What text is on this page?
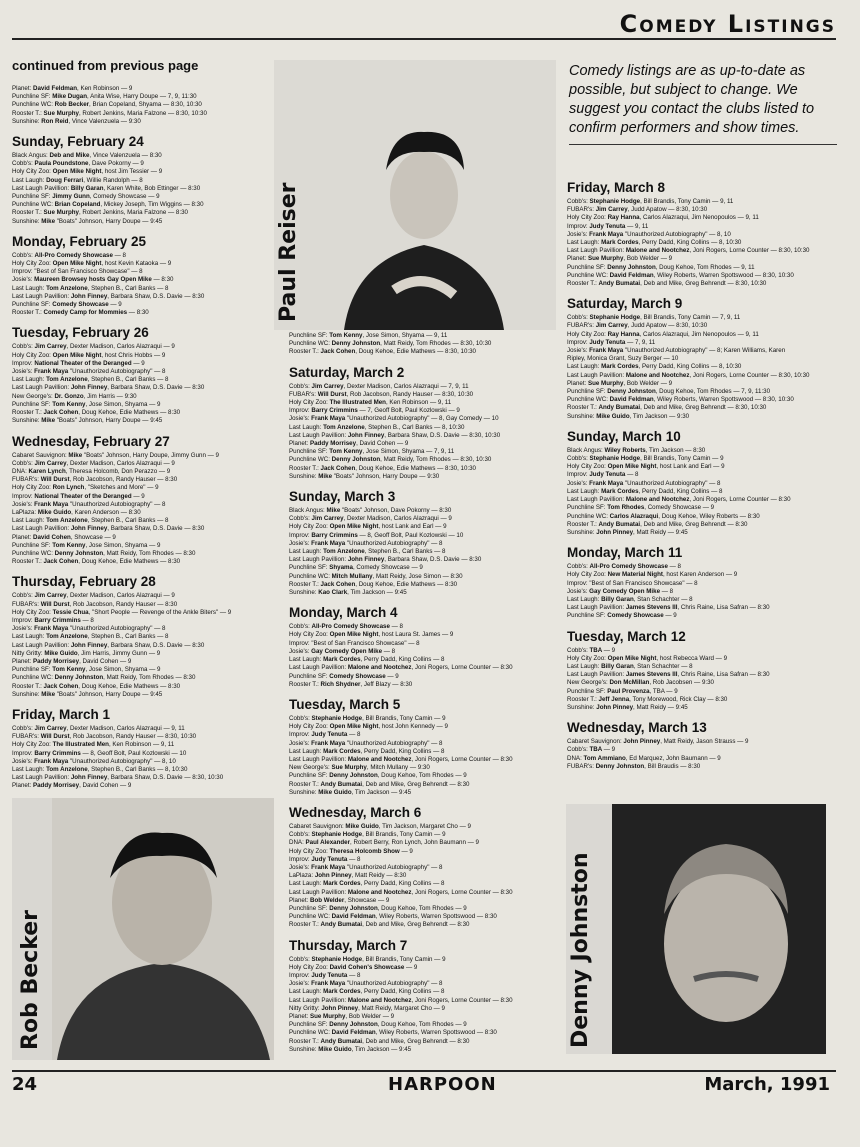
Comedy Listings
Comedy listings are as up-to-date as possible, but subject to change. We suggest you contact the clubs listed to confirm performers and show times.
Paul Reiser
Rob Becker	Denny Johnston
continued from previous page
Planet: David Feldman, Ken Robinson — 9
Punchline SF: Mike Dugan, Anita Wise, Harry Doupe — 7, 9, 11:30
Punchline WC: Rob Becker, Brian Copeland, Shyama — 8:30, 10:30
Rooster T.: Sue Murphy, Robert Jenkins, Maria Falzone — 8:30, 10:30
Sunshine: Ron Reid, Vince Valenzuela — 9:30
Sunday, February 24
Black Angus: Deb and Mike, Vince Valenzuela — 8:30
Cobb's: Paula Poundstone, Dave Pokorny — 9
Holy City Zoo: Open Mike Night, host Jim Tessier — 9
Last Laugh: Doug Ferrari, Willie Randolph — 8
Last Laugh Pavillion: Billy Garan, Karen White, Bob Ettinger — 8:30
Punchline SF: Jimmy Gunn, Comedy Showcase — 9
Punchline WC: Brian Copeland, Mickey Joseph, Tim Wiggins — 8:30
Rooster T.: Sue Murphy, Robert Jenkins, Maria Falzone — 8:30
Sunshine: Mike "Boats" Johnson, Harry Doupe — 9:45
Monday, February 25
Cobb's: All-Pro Comedy Showcase — 8
Holy City Zoo: Open Mike Night, host Kevin Kataoka — 9
Improv: "Best of San Francisco Showcase" — 8
Josie's: Maureen Browsey hosts Gay Open Mike — 8:30
Last Laugh: Tom Anzelone, Stephen B., Carl Banks — 8
Last Laugh Pavillion: John Finney, Barbara Shaw, D.S. Davie — 8:30
Punchline SF: Comedy Showcase — 9
Rooster T.: Comedy Camp for Mommies — 8:30
Tuesday, February 26
Cobb's: Jim Carrey, Dexter Madison, Carlos Alazraqui — 9
Holy City Zoo: Open Mike Night, host Chris Hobbs — 9
Improv: National Theater of the Deranged — 9
Josie's: Frank Maya "Unauthorized Autobiography" — 8
Last Laugh: Tom Anzelone, Stephen B., Carl Banks — 8
Last Laugh Pavillion: John Finney, Barbara Shaw, D.S. Davie — 8:30
New George's: Dr. Gonzo, Jim Harris — 9:30
Punchline SF: Tom Kenny, Jose Simon, Shyama — 9
Rooster T.: Jack Cohen, Doug Kehoe, Edie Mathews — 8:30
Sunshine: Mike "Boats" Johnson, Harry Doupe — 9:45
Wednesday, February 27
Cabaret Sauvignon: Mike "Boats" Johnson, Harry Doupe, Jimmy Gunn — 9
Cobb's: Jim Carrey, Dexter Madison, Carlos Alazraqui — 9
DNA: Karen Lynch, Theresa Holcomb, Don Perazzo — 9
FUBAR's: Will Durst, Rob Jacobson, Randy Hauser — 8:30
Holy City Zoo: Ron Lynch, "Sketches and More" — 9
Improv: National Theater of the Deranged — 9
Josie's: Frank Maya "Unauthorized Autobiography" — 8
LaPlaza: Mike Guido, Karen Anderson — 8:30
Last Laugh: Tom Anzelone, Stephen B., Carl Banks — 8
Last Laugh Pavillion: John Finney, Barbara Shaw, D.S. Davie — 8:30
Planet: David Cohen, Showcase — 9
Punchline SF: Tom Kenny, Jose Simon, Shyama — 9
Punchline WC: Denny Johnston, Matt Reidy, Tom Rhodes — 8:30
Rooster T.: Jack Cohen, Doug Kehoe, Edie Mathews — 8:30
Thursday, February 28
Cobb's: Jim Carrey, Dexter Madison, Carlos Alazraqui — 9
FUBAR's: Will Durst, Rob Jacobson, Randy Hauser — 8:30
Holy City Zoo: Tessie Chua, "Short People — Revenge of the Ankle Biters" — 9
Improv: Barry Crimmins — 8
Josie's: Frank Maya "Unauthorized Autobiography" — 8
Last Laugh: Tom Anzelone, Stephen B., Carl Banks — 8
Last Laugh Pavillion: John Finney, Barbara Shaw, D.S. Davie — 8:30
Nitty Gritty: Mike Guido, Jim Harris, Jimmy Gunn — 9
Planet: Paddy Morrisey, David Cohen — 9
Punchline SF: Tom Kenny, Jose Simon, Shyama — 9
Punchline WC: Denny Johnston, Matt Reidy, Tom Rhodes — 8:30
Rooster T.: Jack Cohen, Doug Kehoe, Edie Mathews — 8:30
Sunshine: Mike "Boats" Johnson, Harry Doupe — 9:45
Friday, March 1
Cobb's: Jim Carrey, Dexter Madison, Carlos Alazraqui — 9, 11
FUBAR's: Will Durst, Rob Jacobson, Randy Hauser — 8:30, 10:30
Holy City Zoo: The Illustrated Men, Ken Robinson — 9, 11
Improv: Barry Crimmins — 8, Geoff Bolt, Paul Kozlowski — 10
Josie's: Frank Maya "Unauthorized Autobiography" — 8, 10
Last Laugh: Tom Anzelone, Stephen B., Carl Banks — 8, 10:30
Last Laugh Pavillion: John Finney, Barbara Shaw, D.S. Davie — 8:30, 10:30
Planet: Paddy Morrisey, David Cohen — 9
Punchline SF: Tom Kenny, Jose Simon, Shyama — 9, 11
Punchline WC: Denny Johnston, Matt Reidy, Tom Rhodes — 8:30, 10:30
Rooster T.: Jack Cohen, Doug Kehoe, Edie Mathews — 8:30, 10:30
Saturday, March 2
Cobb's: Jim Carrey, Dexter Madison, Carlos Alazraqui — 7, 9, 11
FUBAR's: Will Durst, Rob Jacobson, Randy Hauser — 8:30, 10:30
Holy City Zoo: The Illustrated Men, Ken Robinson — 9, 11
Improv: Barry Crimmins — 7, Geoff Bolt, Paul Kozlowski — 9
Josie's: Frank Maya "Unauthorized Autobiography" — 8, Gay Comedy — 10
Last Laugh: Tom Anzelone, Stephen B., Carl Banks — 8, 10:30
Last Laugh Pavillion: John Finney, Barbara Shaw, D.S. Davie — 8:30, 10:30
Planet: Paddy Morrisey, David Cohen — 9
Punchline SF: Tom Kenny, Jose Simon, Shyama — 7, 9, 11
Punchline WC: Denny Johnston, Matt Reidy, Tom Rhodes — 8:30, 10:30
Rooster T.: Jack Cohen, Doug Kehoe, Edie Mathews — 8:30, 10:30
Sunshine: Mike "Boats" Johnson, Harry Doupe — 9:30
Sunday, March 3
Black Angus: Mike "Boats" Johnson, Dave Pokorny — 8:30
Cobb's: Jim Carrey, Dexter Madison, Carlos Alazraqui — 9
Holy City Zoo: Open Mike Night, host Lank and Earl — 9
Improv: Barry Crimmins — 8, Geoff Bolt, Paul Kozlowski — 10
Josie's: Frank Maya "Unauthorized Autobiography" — 8
Last Laugh: Tom Anzelone, Stephen B., Carl Banks — 8
Last Laugh Pavillion: John Finney, Barbara Shaw, D.S. Davie — 8:30
Punchline SF: Shyama, Comedy Showcase — 9
Punchline WC: Mitch Mullany, Matt Reidy, Jose Simon — 8:30
Rooster T.: Jack Cohen, Doug Kehoe, Edie Mathews — 8:30
Sunshine: Kao Clark, Tim Jackson — 9:45
Monday, March 4
Cobb's: All-Pro Comedy Showcase — 8
Holy City Zoo: Open Mike Night, host Laura St. James — 9
Improv: "Best of San Francisco Showcase" — 8
Josie's: Gay Comedy Open Mike — 8
Last Laugh: Mark Cordes, Perry Dadd, King Collins — 8
Last Laugh Pavillion: Malone and Nootchez, Joni Rogers, Lorne Counter — 8:30
Punchline SF: Comedy Showcase — 9
Rooster T.: Rich Shydner, Jeff Blazy — 8:30
Tuesday, March 5
Cobb's: Stephanie Hodge, Bill Brandis, Tony Camin — 9
Holy City Zoo: Open Mike Night, host John Kennedy — 9
Improv: Judy Tenuta — 8
Josie's: Frank Maya "Unauthorized Autobiography" — 8
Last Laugh: Mark Cordes, Perry Dadd, King Collins — 8
Last Laugh Pavillion: Malone and Nootchez, Joni Rogers, Lorne Counter — 8:30
New George's: Sue Murphy, Mitch Mullany — 9:30
Punchline SF: Denny Johnston, Doug Kehoe, Tom Rhodes — 9
Rooster T.: Andy Bumatai, Deb and Mike, Greg Behrendt — 8:30
Sunshine: Mike Guido, Tim Jackson — 9:45
Wednesday, March 6
Cabaret Sauvignon: Mike Guido, Tim Jackson, Margaret Cho — 9
Cobb's: Stephanie Hodge, Bill Brandis, Tony Camin — 9
DNA: Paul Alexander, Robert Berry, Ron Lynch, John Baumann — 9
Holy City Zoo: Theresa Holcomb Show — 9
Improv: Judy Tenuta — 8
Josie's: Frank Maya "Unauthorized Autobiography" — 8
LaPlaza: John Pinney, Matt Reidy — 8:30
Last Laugh: Mark Cordes, Perry Dadd, King Collins — 8
Last Laugh Pavillion: Malone and Nootchez, Joni Rogers, Lorne Counter — 8:30
Planet: Bob Welder, Showcase — 9
Punchline SF: Denny Johnston, Doug Kehoe, Tom Rhodes — 9
Punchline WC: David Feldman, Wiley Roberts, Warren Spottswood — 8:30
Rooster T.: Andy Bumatai, Deb and Mike, Greg Behrendt — 8:30
Thursday, March 7
Cobb's: Stephanie Hodge, Bill Brandis, Tony Camin — 9
Holy City Zoo: David Cohen's Showcase — 9
Improv: Judy Tenuta — 8
Josie's: Frank Maya "Unauthorized Autobiography" — 8
Last Laugh: Mark Cordes, Perry Dadd, King Collins — 8
Last Laugh Pavillion: Malone and Nootchez, Joni Rogers, Lorne Counter — 8:30
Nitty Gritty: John Pinney, Matt Reidy, Margaret Cho — 9
Planet: Sue Murphy, Bob Welder — 9
Punchline SF: Denny Johnston, Doug Kehoe, Tom Rhodes — 9
Punchline WC: David Feldman, Wiley Roberts, Warren Spottswood — 8:30
Rooster T.: Andy Bumatai, Deb and Mike, Greg Behrendt — 8:30
Sunshine: Mike Guido, Tim Jackson — 9:45
Friday, March 8
Cobb's: Stephanie Hodge, Bill Brandis, Tony Camin — 9, 11
FUBAR's: Jim Carrey, Judd Apatow — 8:30, 10:30
Holy City Zoo: Ray Hanna, Carlos Alazraqui, Jim Nenopoulos — 9, 11
Improv: Judy Tenuta — 9, 11
Josie's: Frank Maya "Unauthorized Autobiography" — 8, 10
Last Laugh: Mark Cordes, Perry Dadd, King Collins — 8, 10:30
Last Laugh Pavillion: Malone and Nootchez, Joni Rogers, Lorne Counter — 8:30, 10:30
Planet: Sue Murphy, Bob Welder — 9
Punchline SF: Denny Johnston, Doug Kehoe, Tom Rhodes — 9, 11
Punchline WC: David Feldman, Wiley Roberts, Warren Spottswood — 8:30, 10:30
Rooster T.: Andy Bumatai, Deb and Mike, Greg Behrendt — 8:30, 10:30
Saturday, March 9
Cobb's: Stephanie Hodge, Bill Brandis, Tony Camin — 7, 9, 11
FUBAR's: Jim Carrey, Judd Apatow — 8:30, 10:30
Holy City Zoo: Ray Hanna, Carlos Alazraqui, Jim Nenopoulos — 9, 11
Improv: Judy Tenuta — 7, 9, 11
Josie's: Frank Maya "Unauthorized Autobiography" — 8; Karen Williams, Karen
Ripley, Monica Grant, Suzy Berger — 10
Last Laugh: Mark Cordes, Perry Dadd, King Collins — 8, 10:30
Last Laugh Pavillion: Malone and Nootchez, Joni Rogers, Lorne Counter — 8:30, 10:30
Planet: Sue Murphy, Bob Welder — 9
Punchline SF: Denny Johnston, Doug Kehoe, Tom Rhodes — 7, 9, 11:30
Punchline WC: David Feldman, Wiley Roberts, Warren Spottswood — 8:30, 10:30
Rooster T.: Andy Bumatai, Deb and Mike, Greg Behrendt — 8:30, 10:30
Sunshine: Mike Guido, Tim Jackson — 9:30
Sunday, March 10
Black Angus: Wiley Roberts, Tim Jackson — 8:30
Cobb's: Stephanie Hodge, Bill Brandis, Tony Camin — 9
Holy City Zoo: Open Mike Night, host Lank and Earl — 9
Improv: Judy Tenuta — 8
Josie's: Frank Maya "Unauthorized Autobiography" — 8
Last Laugh: Mark Cordes, Perry Dadd, King Collins — 8
Last Laugh Pavillion: Malone and Nootchez, Joni Rogers, Lorne Counter — 8:30
Punchline SF: Tom Rhodes, Comedy Showcase — 9
Punchline WC: Carlos Alazraqui, Doug Kehoe, Wiley Roberts — 8:30
Rooster T.: Andy Bumatai, Deb and Mike, Greg Behrendt — 8:30
Sunshine: John Pinney, Matt Reidy — 9:45
Monday, March 11
Cobb's: All-Pro Comedy Showcase — 8
Holy City Zoo: New Material Night, host Karen Anderson — 9
Improv: "Best of San Francisco Showcase" — 8
Josie's: Gay Comedy Open Mike — 8
Last Laugh: Billy Garan, Stan Schachter — 8
Last Laugh Pavillion: James Stevens III, Chris Raine, Lisa Safran — 8:30
Punchline SF: Comedy Showcase — 9
Tuesday, March 12
Cobb's: TBA — 9
Holy City Zoo: Open Mike Night, host Rebecca Ward — 9
Last Laugh: Billy Garan, Stan Schachter — 8
Last Laugh Pavillion: James Stevens III, Chris Raine, Lisa Safran — 8:30
New George's: Don McMillan, Rob Jacobsen — 9:30
Punchline SF: Paul Provenza, TBA — 9
Rooster T.: Jeff Jenna, Tony Morewood, Rick Clay — 8:30
Sunshine: John Pinney, Matt Reidy — 9:45
Wednesday, March 13
Cabaret Sauvignon: John Pinney, Matt Reidy, Jason Strauss — 9
Cobb's: TBA — 9
DNA: Tom Ammiano, Ed Marquez, John Baumann — 9
FUBAR's: Denny Johnston, Bill Braudis — 8:30
24	HARPOON	March, 1991
